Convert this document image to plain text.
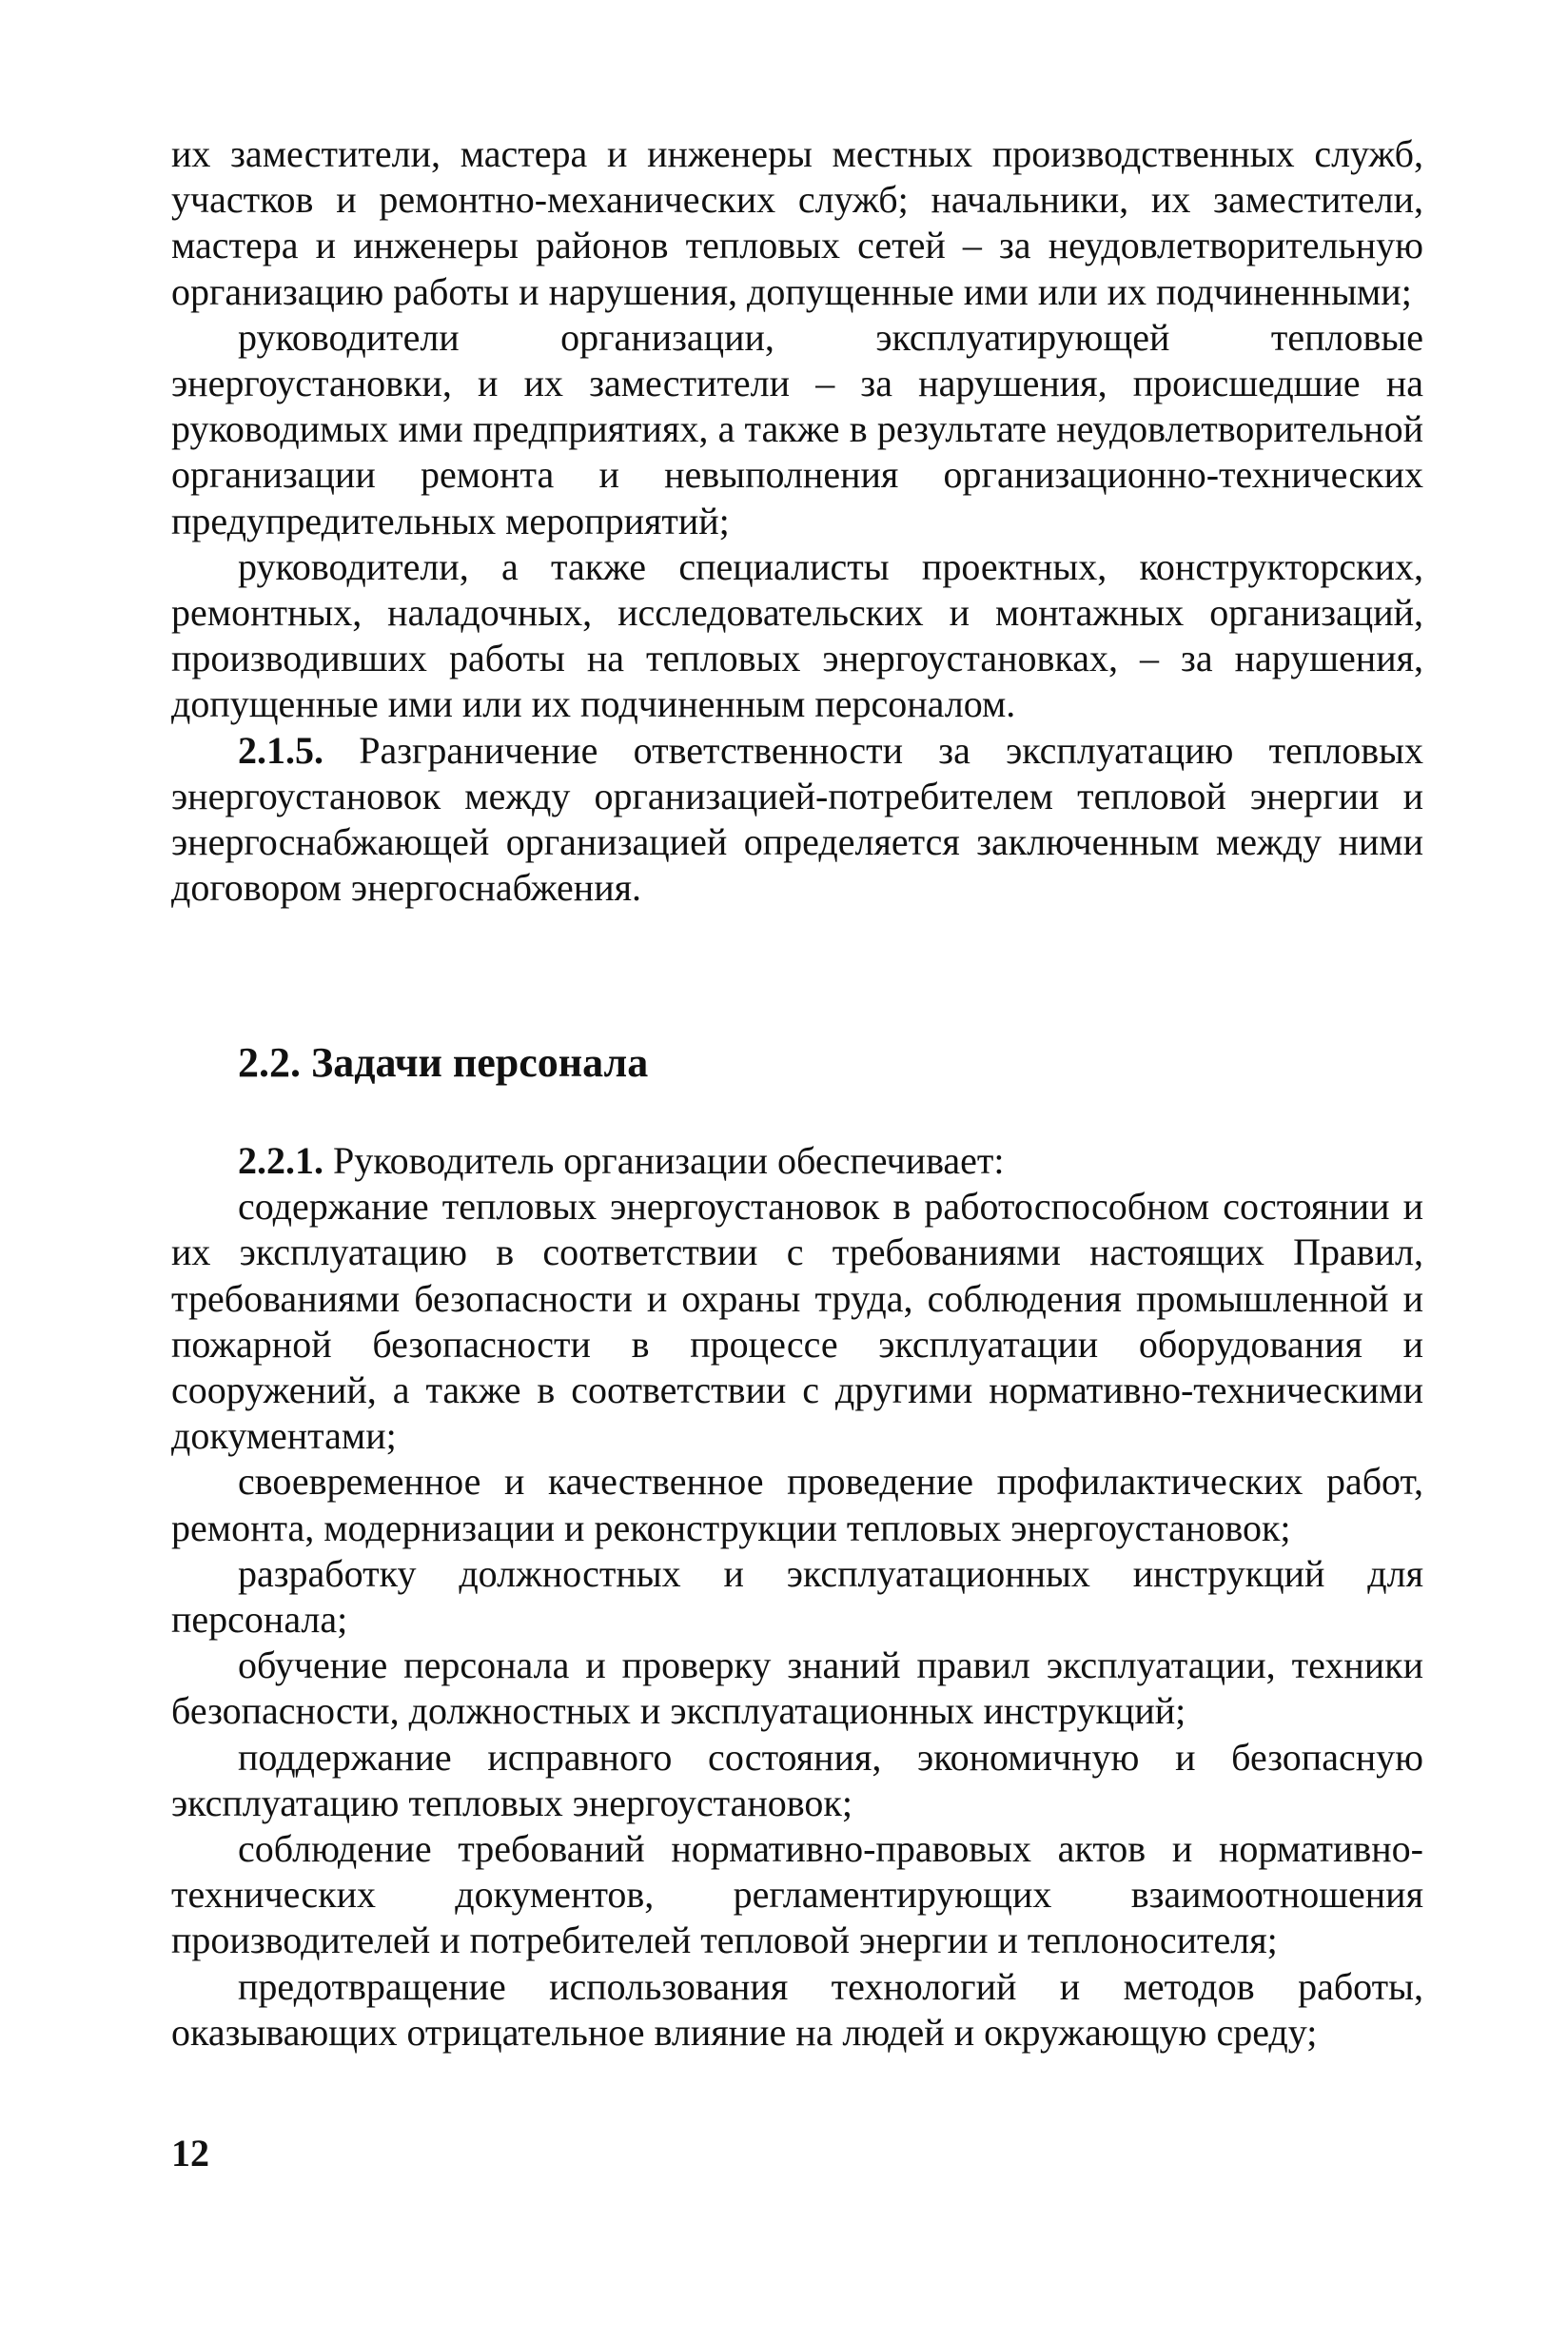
их заместители, мастера и инженеры местных производственных служб, участков и ремонтно-механических служб; начальники, их заместители, мастера и инженеры районов тепловых сетей – за неудовлетворительную организацию работы и нарушения, допущенные ими или их подчиненными;

руководители организации, эксплуатирующей тепловые энергоустановки, и их заместители – за нарушения, происшедшие на руководимых ими предприятиях, а также в результате неудовлетворительной организации ремонта и невыполнения организационно-технических предупредительных мероприятий;

руководители, а также специалисты проектных, конструкторских, ремонтных, наладочных, исследовательских и монтажных организаций, производивших работы на тепловых энергоустановках, – за нарушения, допущенные ими или их подчиненным персоналом.

2.1.5. Разграничение ответственности за эксплуатацию тепловых энергоустановок между организацией-потребителем тепловой энергии и энергоснабжающей организацией определяется заключенным между ними договором энергоснабжения.

2.2. Задачи персонала

2.2.1. Руководитель организации обеспечивает:

содержание тепловых энергоустановок в работоспособном состоянии и их эксплуатацию в соответствии с требованиями настоящих Правил, требованиями безопасности и охраны труда, соблюдения промышленной и пожарной безопасности в процессе эксплуатации оборудования и сооружений, а также в соответствии с другими нормативно-техническими документами;

своевременное и качественное проведение профилактических работ, ремонта, модернизации и реконструкции тепловых энергоустановок;

разработку должностных и эксплуатационных инструкций для персонала;

обучение персонала и проверку знаний правил эксплуатации, техники безопасности, должностных и эксплуатационных инструкций;

поддержание исправного состояния, экономичную и безопасную эксплуатацию тепловых энергоустановок;

соблюдение требований нормативно-правовых актов и нормативно-технических документов, регламентирующих взаимоотношения производителей и потребителей тепловой энергии и теплоносителя;

предотвращение использования технологий и методов работы, оказывающих отрицательное влияние на людей и окружающую среду;

12
